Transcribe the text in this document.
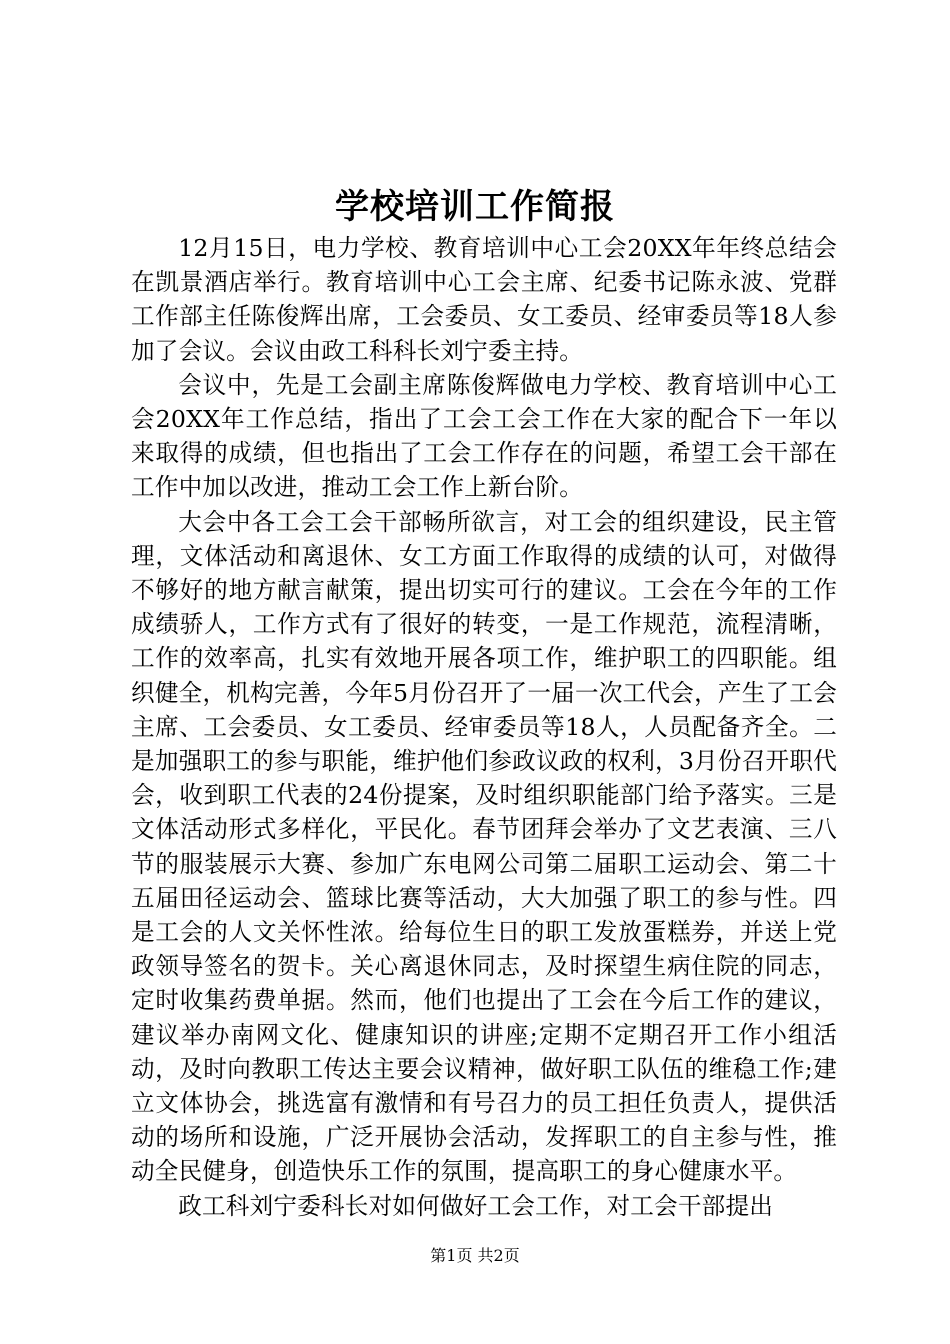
学校培训工作简报

12月15日，电力学校、教育培训中心工会20XX年年终总结会在凯景酒店举行。教育培训中心工会主席、纪委书记陈永波、党群工作部主任陈俊辉出席，工会委员、女工委员、经审委员等18人参加了会议。会议由政工科科长刘宁委主持。

会议中，先是工会副主席陈俊辉做电力学校、教育培训中心工会20XX年工作总结，指出了工会工会工作在大家的配合下一年以来取得的成绩，但也指出了工会工作存在的问题，希望工会干部在工作中加以改进，推动工会工作上新台阶。

大会中各工会工会干部畅所欲言，对工会的组织建设，民主管理，文体活动和离退休、女工方面工作取得的成绩的认可，对做得不够好的地方献言献策，提出切实可行的建议。工会在今年的工作成绩骄人，工作方式有了很好的转变，一是工作规范，流程清晰，工作的效率高，扎实有效地开展各项工作，维护职工的四职能。组织健全，机构完善，今年5月份召开了一届一次工代会，产生了工会主席、工会委员、女工委员、经审委员等18人，人员配备齐全。二是加强职工的参与职能，维护他们参政议政的权利，3月份召开职代会，收到职工代表的24份提案，及时组织职能部门给予落实。三是文体活动形式多样化，平民化。春节团拜会举办了文艺表演、三八节的服装展示大赛、参加广东电网公司第二届职工运动会、第二十五届田径运动会、篮球比赛等活动，大大加强了职工的参与性。四是工会的人文关怀性浓。给每位生日的职工发放蛋糕券，并送上党政领导签名的贺卡。关心离退休同志，及时探望生病住院的同志，定时收集药费单据。然而，他们也提出了工会在今后工作的建议，建议举办南网文化、健康知识的讲座;定期不定期召开工作小组活动，及时向教职工传达主要会议精神，做好职工队伍的维稳工作;建立文体协会，挑选富有激情和有号召力的员工担任负责人，提供活动的场所和设施，广泛开展协会活动，发挥职工的自主参与性，推动全民健身，创造快乐工作的氛围，提高职工的身心健康水平。

政工科刘宁委科长对如何做好工会工作，对工会干部提出

第1页 共2页
